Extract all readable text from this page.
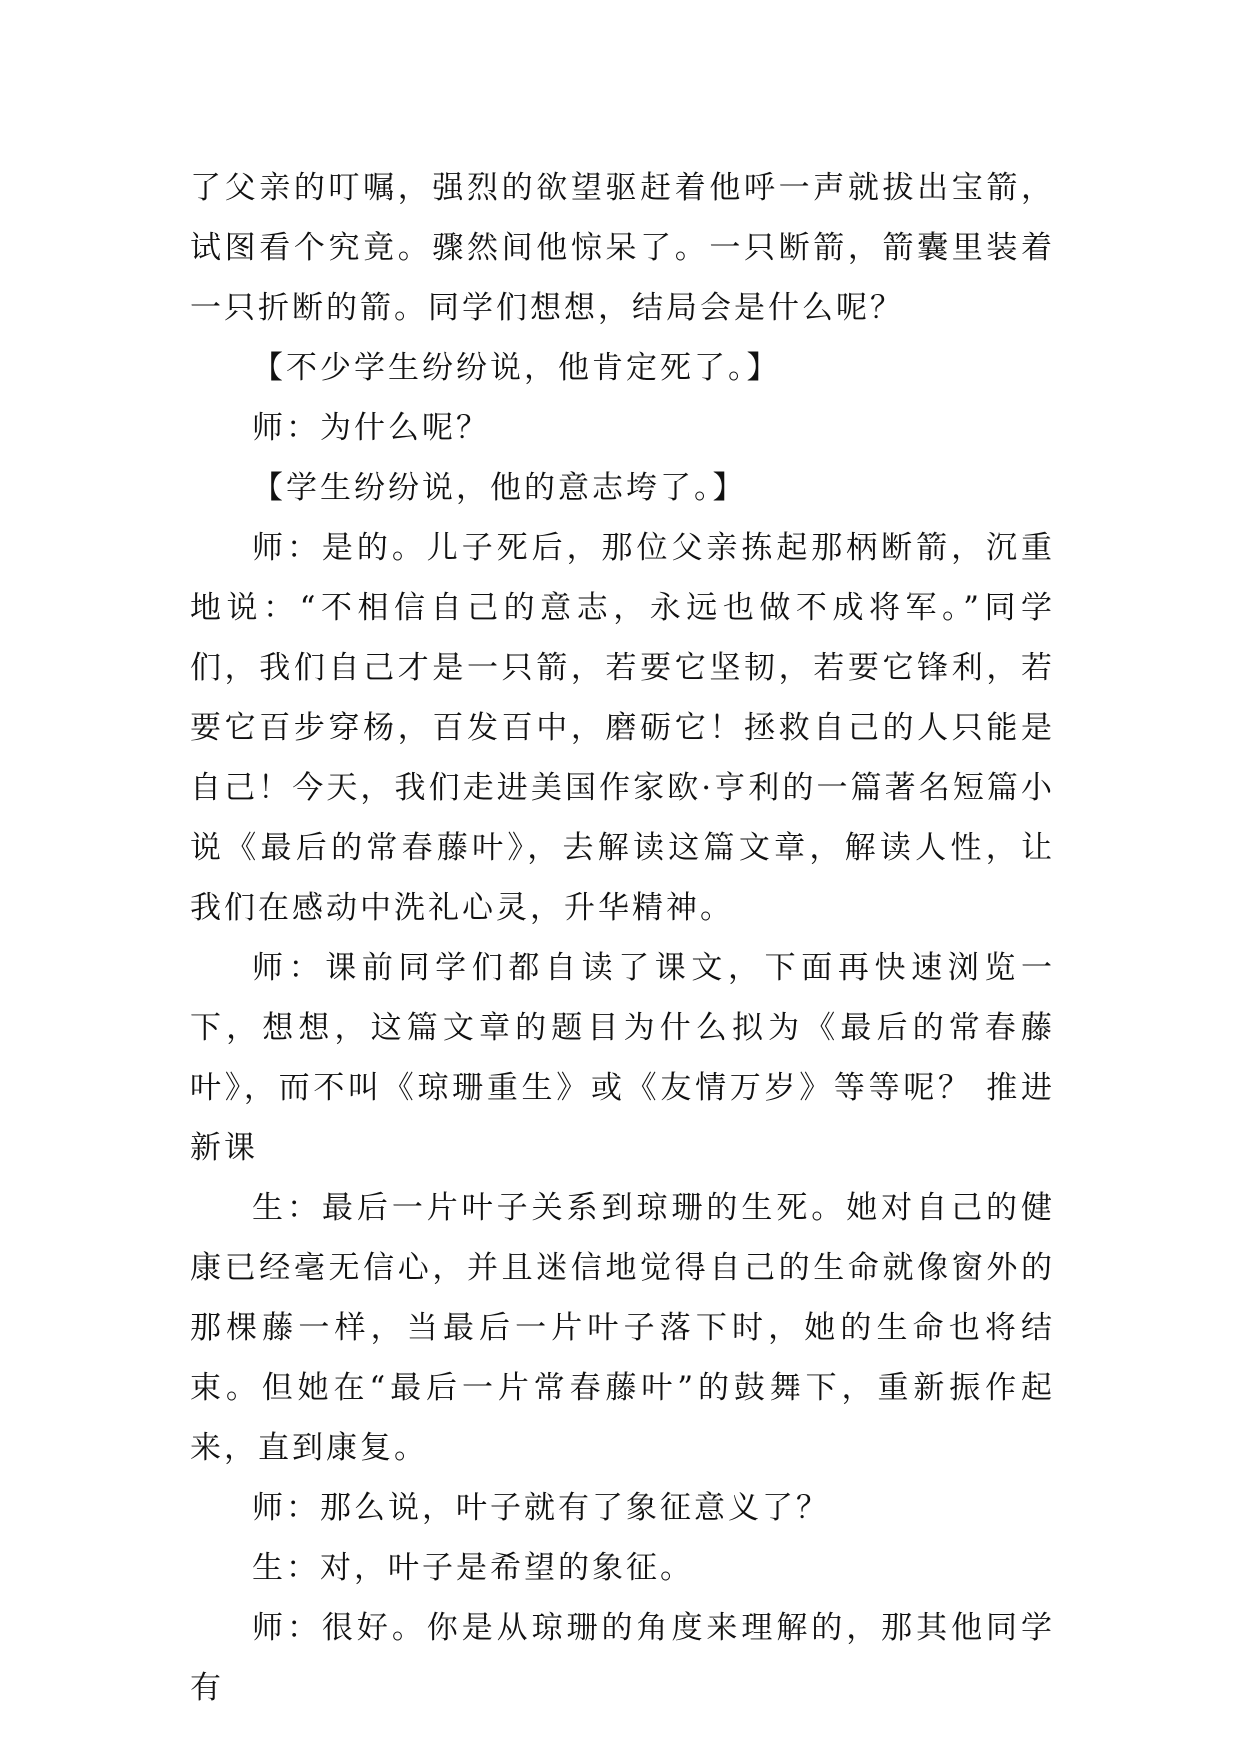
了父亲的叮嘱，强烈的欲望驱赶着他呼一声就拔出宝箭，试图看个究竟。骤然间他惊呆了。一只断箭，箭囊里装着一只折断的箭。同学们想想，结局会是什么呢？

【不少学生纷纷说，他肯定死了。】

师：为什么呢？

【学生纷纷说，他的意志垮了。】

师：是的。儿子死后，那位父亲拣起那柄断箭，沉重地说：“不相信自己的意志，永远也做不成将军。”同学们，我们自己才是一只箭，若要它坚韧，若要它锋利，若要它百步穿杨，百发百中，磨砺它！拯救自己的人只能是自己！今天，我们走进美国作家欧·亨利的一篇著名短篇小说《最后的常春藤叶》，去解读这篇文章，解读人性，让我们在感动中洗礼心灵，升华精神。

师：课前同学们都自读了课文，下面再快速浏览一下，想想，这篇文章的题目为什么拟为《最后的常春藤叶》，而不叫《琼珊重生》或《友情万岁》等等呢？ 推进新课

生：最后一片叶子关系到琼珊的生死。她对自己的健康已经毫无信心，并且迷信地觉得自己的生命就像窗外的那棵藤一样，当最后一片叶子落下时，她的生命也将结束。但她在“最后一片常春藤叶”的鼓舞下，重新振作起来，直到康复。

师：那么说，叶子就有了象征意义了？

生：对，叶子是希望的象征。

师：很好。你是从琼珊的角度来理解的，那其他同学有
